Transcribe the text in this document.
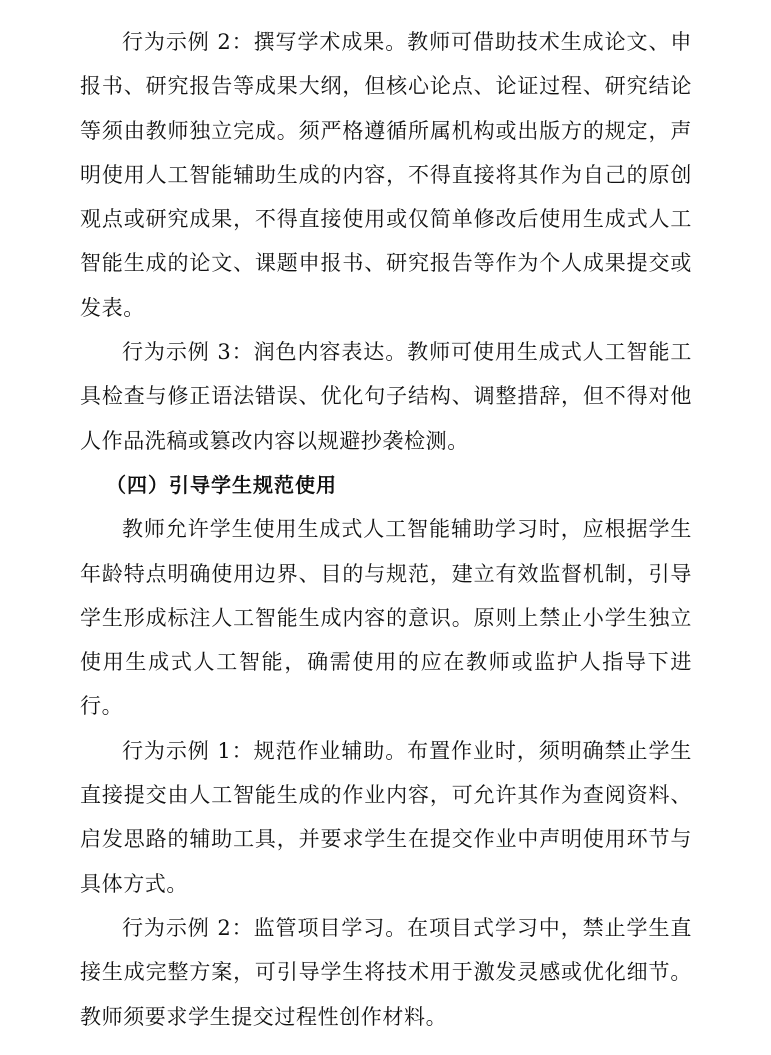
行为示例 2：撰写学术成果。教师可借助技术生成论文、申报书、研究报告等成果大纲，但核心论点、论证过程、研究结论等须由教师独立完成。须严格遵循所属机构或出版方的规定，声明使用人工智能辅助生成的内容，不得直接将其作为自己的原创观点或研究成果，不得直接使用或仅简单修改后使用生成式人工智能生成的论文、课题申报书、研究报告等作为个人成果提交或发表。

行为示例 3：润色内容表达。教师可使用生成式人工智能工具检查与修正语法错误、优化句子结构、调整措辞，但不得对他人作品洗稿或篡改内容以规避抄袭检测。

（四）引导学生规范使用

教师允许学生使用生成式人工智能辅助学习时，应根据学生年龄特点明确使用边界、目的与规范，建立有效监督机制，引导学生形成标注人工智能生成内容的意识。原则上禁止小学生独立使用生成式人工智能，确需使用的应在教师或监护人指导下进行。

行为示例 1：规范作业辅助。布置作业时，须明确禁止学生直接提交由人工智能生成的作业内容，可允许其作为查阅资料、启发思路的辅助工具，并要求学生在提交作业中声明使用环节与具体方式。

行为示例 2：监管项目学习。在项目式学习中，禁止学生直接生成完整方案，可引导学生将技术用于激发灵感或优化细节。教师须要求学生提交过程性创作材料。
